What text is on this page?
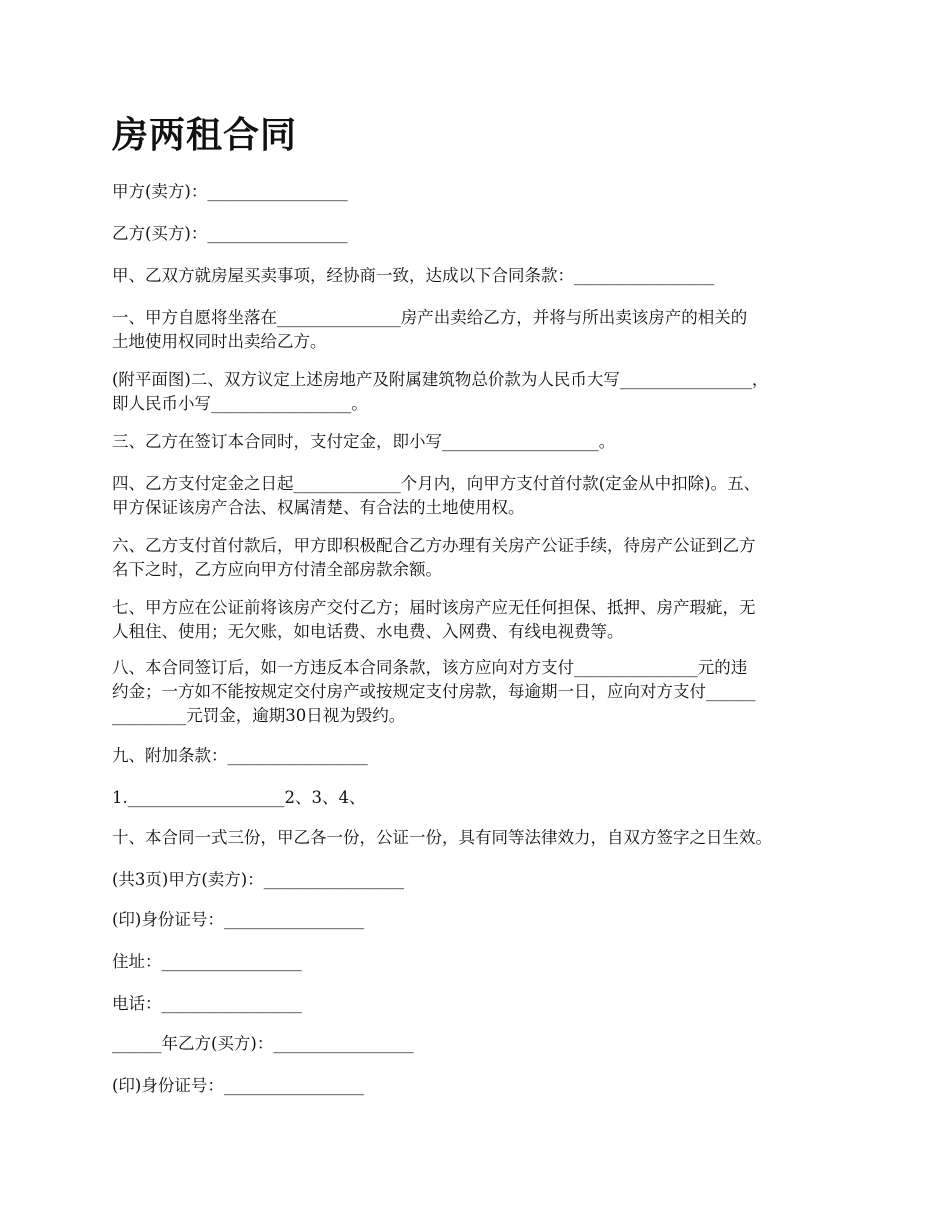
房两租合同

甲方(卖方)：_________________

乙方(买方)：_________________

甲、乙双方就房屋买卖事项，经协商一致，达成以下合同条款：_________________

一、甲方自愿将坐落在_______________房产出卖给乙方，并将与所出卖该房产的相关的
土地使用权同时出卖给乙方。

(附平面图)二、双方议定上述房地产及附属建筑物总价款为人民币大写________________，
即人民币小写_________________。

三、乙方在签订本合同时，支付定金，即小写___________________。

四、乙方支付定金之日起_____________个月内，向甲方支付首付款(定金从中扣除)。五、
甲方保证该房产合法、权属清楚、有合法的土地使用权。

六、乙方支付首付款后，甲方即积极配合乙方办理有关房产公证手续，待房产公证到乙方
名下之时，乙方应向甲方付清全部房款余额。

七、甲方应在公证前将该房产交付乙方；届时该房产应无任何担保、抵押、房产瑕疵，无
人租住、使用；无欠账，如电话费、水电费、入网费、有线电视费等。

八、本合同签订后，如一方违反本合同条款，该方应向对方支付_______________元的违
约金；一方如不能按规定交付房产或按规定支付房款，每逾期一日，应向对方支付______
_________元罚金，逾期30日视为毁约。

九、附加条款：_________________

1.___________________2、3、4、

十、本合同一式三份，甲乙各一份，公证一份，具有同等法律效力，自双方签字之日生效。

(共3页)甲方(卖方)：_________________

(印)身份证号：_________________

住址：_________________

电话：_________________

______年乙方(买方)：_________________

(印)身份证号：_________________
